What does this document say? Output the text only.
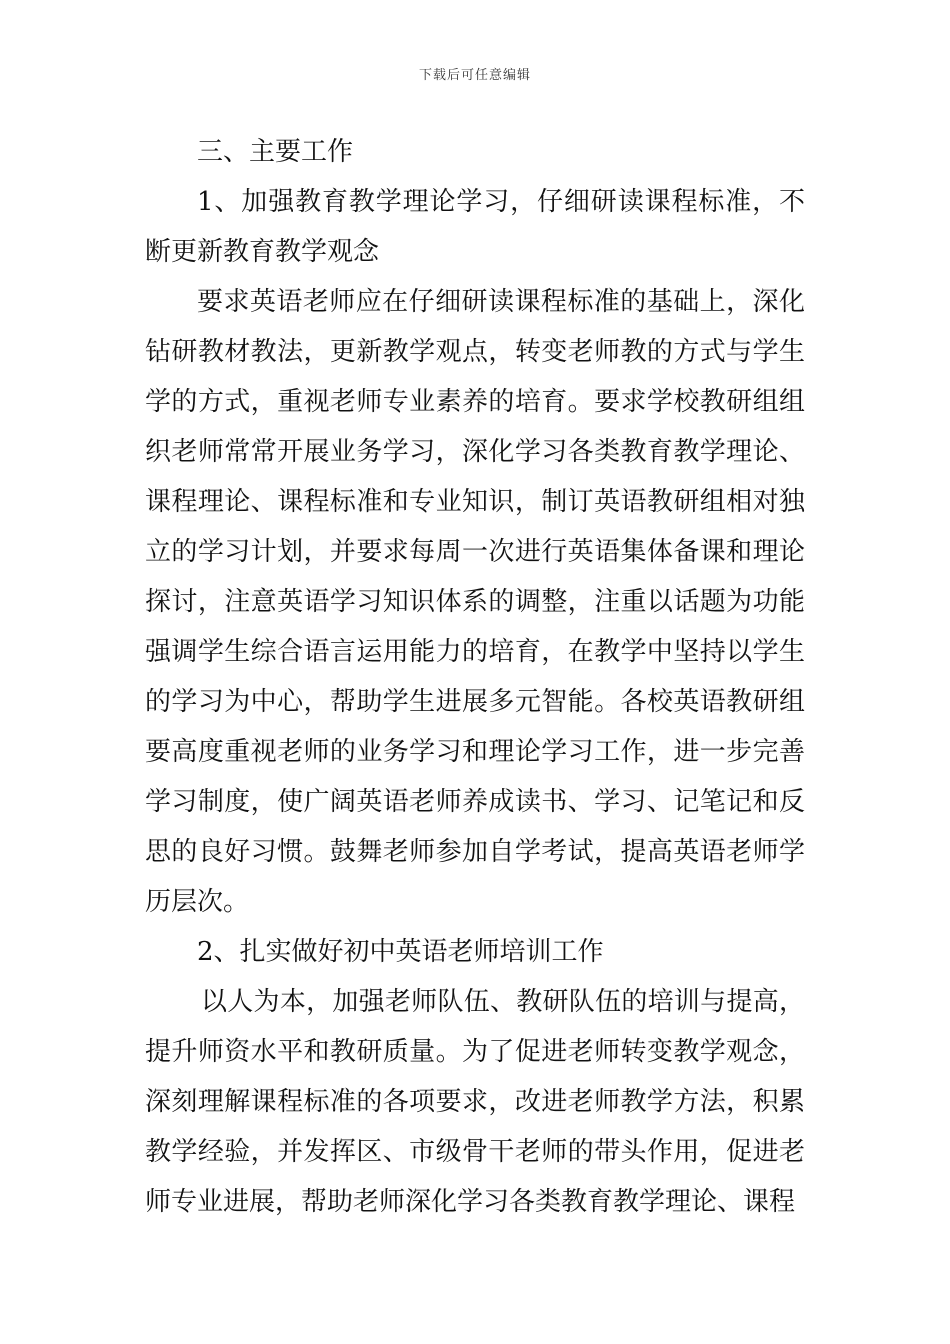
下载后可任意编辑

三、主要工作

1、加强教育教学理论学习，仔细研读课程标准，不断更新教育教学观念

要求英语老师应在仔细研读课程标准的基础上，深化钻研教材教法，更新教学观点，转变老师教的方式与学生学的方式，重视老师专业素养的培育。要求学校教研组组织老师常常开展业务学习，深化学习各类教育教学理论、课程理论、课程标准和专业知识，制订英语教研组相对独立的学习计划，并要求每周一次进行英语集体备课和理论探讨，注意英语学习知识体系的调整，注重以话题为功能强调学生综合语言运用能力的培育，在教学中坚持以学生的学习为中心，帮助学生进展多元智能。各校英语教研组要高度重视老师的业务学习和理论学习工作，进一步完善学习制度，使广阔英语老师养成读书、学习、记笔记和反思的良好习惯。鼓舞老师参加自学考试，提高英语老师学历层次。

2、扎实做好初中英语老师培训工作

以人为本，加强老师队伍、教研队伍的培训与提高，提升师资水平和教研质量。为了促进老师转变教学观念，深刻理解课程标准的各项要求，改进老师教学方法，积累教学经验，并发挥区、市级骨干老师的带头作用，促进老师专业进展，帮助老师深化学习各类教育教学理论、课程
